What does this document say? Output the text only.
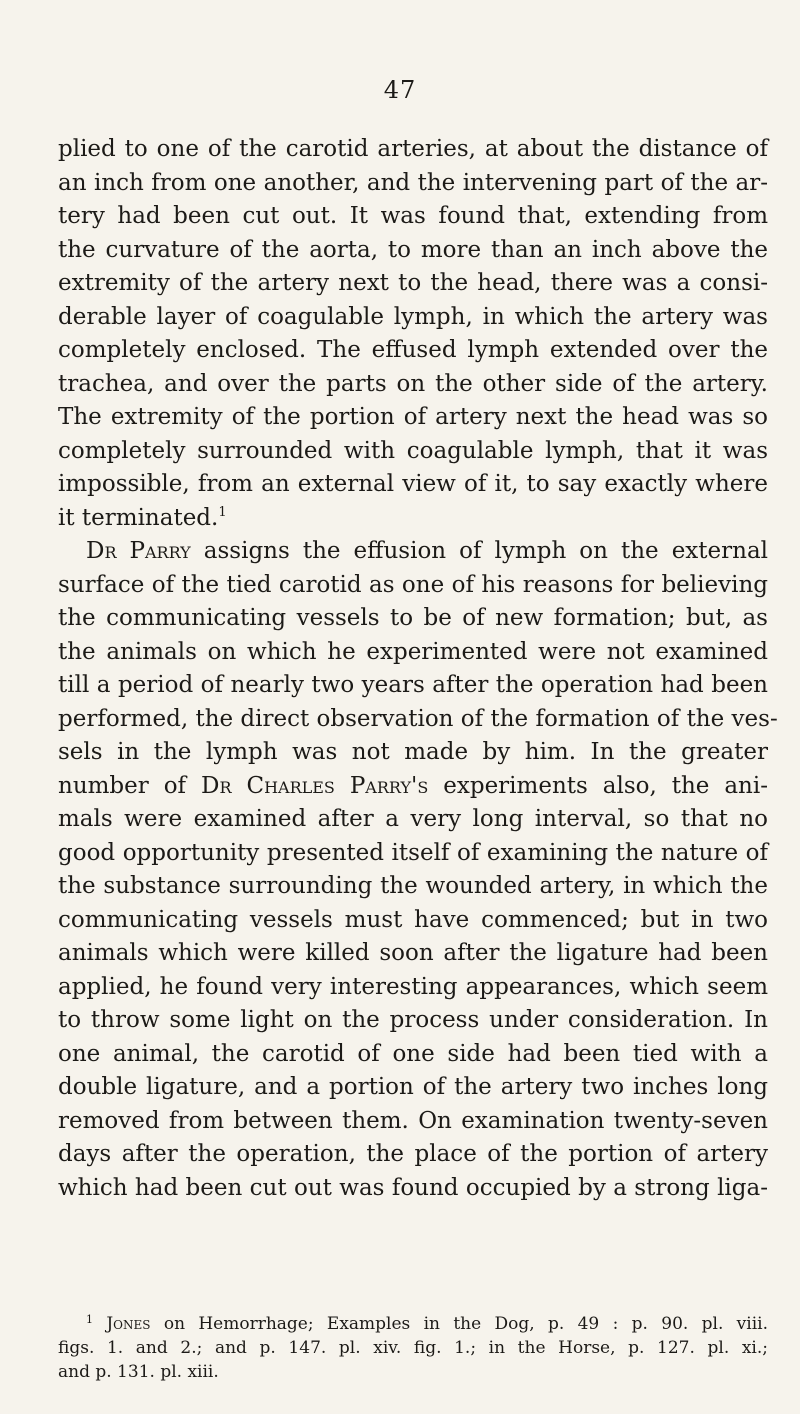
47
plied to one of the carotid arteries, at about the distance of
an inch from one another, and the intervening part of the ar-
tery had been cut out. It was found that, extending from
the curvature of the aorta, to more than an inch above the
extremity of the artery next to the head, there was a consi-
derable layer of coagulable lymph, in which the artery was
completely enclosed. The effused lymph extended over the
trachea, and over the parts on the other side of the artery.
The extremity of the portion of artery next the head was so
completely surrounded with coagulable lymph, that it was
impossible, from an external view of it, to say exactly where
it terminated.$^1$
Dr Parry assigns the effusion of lymph on the external
surface of the tied carotid as one of his reasons for believing
the communicating vessels to be of new formation; but, as
the animals on which he experimented were not examined
till a period of nearly two years after the operation had been
performed, the direct observation of the formation of the ves-
sels in the lymph was not made by him. In the greater
number of Dr Charles Parry's experiments also, the ani-
mals were examined after a very long interval, so that no
good opportunity presented itself of examining the nature of
the substance surrounding the wounded artery, in which the
communicating vessels must have commenced; but in two
animals which were killed soon after the ligature had been
applied, he found very interesting appearances, which seem
to throw some light on the process under consideration. In
one animal, the carotid of one side had been tied with a
double ligature, and a portion of the artery two inches long
removed from between them. On examination twenty-seven
days after the operation, the place of the portion of artery
which had been cut out was found occupied by a strong liga-
$^1$ Jones on Hemorrhage; Examples in the Dog, p. 49 : p. 90. pl. viii.
figs. 1. and 2.; and p. 147. pl. xiv. fig. 1.; in the Horse, p. 127. pl. xi.;
and p. 131. pl. xiii.
